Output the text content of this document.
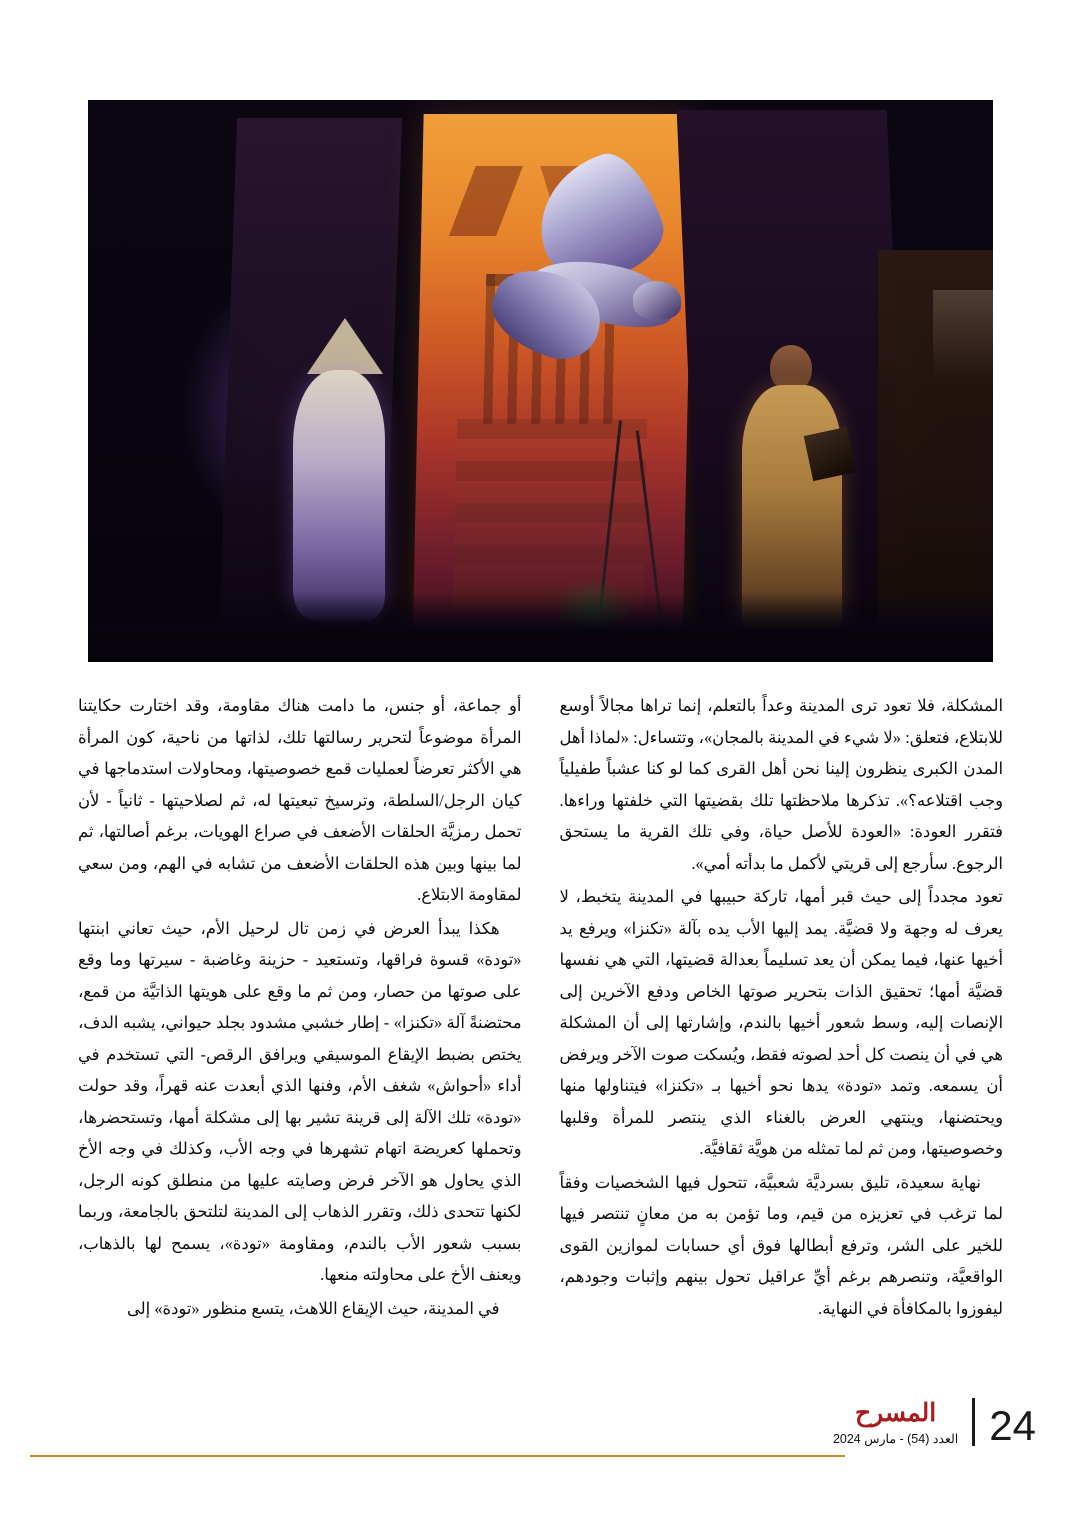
أو جماعة، أو جنس، ما دامت هناك مقاومة، وقد اختارت حكايتنا المرأة موضوعاً لتحرير رسالتها تلك، لذاتها من ناحية، كون المرأة هي الأكثر تعرضاً لعمليات قمع خصوصيتها، ومحاولات استدماجها في كيان الرجل/السلطة، وترسيخ تبعيتها له، ثم لصلاحيتها - ثانياً - لأن تحمل رمزيَّة الحلقات الأضعف في صراع الهويات، برغم أصالتها، ثم لما بينها وبين هذه الحلقات الأضعف من تشابه في الهم، ومن سعي لمقاومة الابتلاع.

هكذا يبدأ العرض في زمن تال لرحيل الأم، حيث تعاني ابنتها «تودة» قسوة فراقها، وتستعيد - حزينة وغاضبة - سيرتها وما وقع على صوتها من حصار، ومن ثم ما وقع على هويتها الذاتيَّة من قمع، محتضنةً آلة «تكنزا» - إطار خشبي مشدود بجلد حيواني، يشبه الدف، يختص بضبط الإيقاع الموسيقي ويرافق الرقص- التي تستخدم في أداء «أحواش» شغف الأم، وفنها الذي أبعدت عنه قهراً، وقد حولت «تودة» تلك الآلة إلى قرينة تشير بها إلى مشكلة أمها، وتستحضرها، وتحملها كعريضة اتهام تشهرها في وجه الأب، وكذلك في وجه الأخ الذي يحاول هو الآخر فرض وصايته عليها من منطلق كونه الرجل، لكنها تتحدى ذلك، وتقرر الذهاب إلى المدينة لتلتحق بالجامعة، وربما بسبب شعور الأب بالندم، ومقاومة «تودة»، يسمح لها بالذهاب، ويعنف الأخ على محاولته منعها.

في المدينة، حيث الإيقاع اللاهث، يتسع منظور «تودة» إلى

المشكلة، فلا تعود ترى المدينة وعداً بالتعلم، إنما تراها مجالاً أوسع للابتلاع، فتعلق: «لا شيء في المدينة بالمجان»، وتتساءل: «لماذا أهل المدن الكبرى ينظرون إلينا نحن أهل القرى كما لو كنا عشباً طفيلياً وجب اقتلاعه؟». تذكرها ملاحظتها تلك بقضيتها التي خلفتها وراءها. فتقرر العودة: «العودة للأصل حياة، وفي تلك القرية ما يستحق الرجوع. سأرجع إلى قريتي لأكمل ما بدأته أمي».

تعود مجدداً إلى حيث قبر أمها، تاركة حبيبها في المدينة يتخبط، لا يعرف له وجهة ولا قضيَّة. يمد إليها الأب يده بآلة «تكنزا» ويرفع يد أخيها عنها، فيما يمكن أن يعد تسليماً بعدالة قضيتها، التي هي نفسها قضيَّة أمها؛ تحقيق الذات بتحرير صوتها الخاص ودفع الآخرين إلى الإنصات إليه، وسط شعور أخيها بالندم، وإشارتها إلى أن المشكلة هي في أن ينصت كل أحد لصوته فقط، ويُسكت صوت الآخر ويرفض أن يسمعه. وتمد «تودة» يدها نحو أخيها بـ «تكنزا» فيتناولها منها ويحتضنها، وينتهي العرض بالغناء الذي ينتصر للمرأة وقلبها وخصوصيتها، ومن ثم لما تمثله من هويَّة ثقافيَّة.

نهاية سعيدة، تليق بسرديَّة شعبيَّة، تتحول فيها الشخصيات وفقاً لما ترغب في تعزيزه من قيم، وما تؤمن به من معانٍ تنتصر فيها للخير على الشر، وترفع أبطالها فوق أي حسابات لموازين القوى الواقعيَّة، وتنصرهم برغم أيِّ عراقيل تحول بينهم وإثبات وجودهم، ليفوزوا بالمكافأة في النهاية.

24
المسرح
العدد (54) - مارس 2024
